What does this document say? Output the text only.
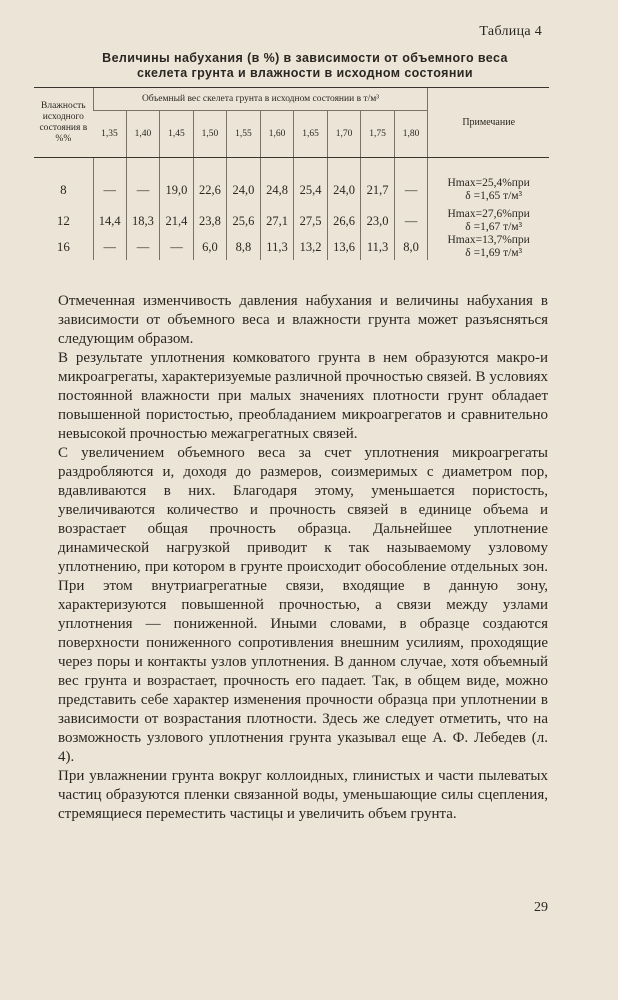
Таблица 4
Величины набухания (в %) в зависимости от объемного веса
скелета грунта и влажности в исходном состоянии
Влажность исходного состояния в %%	Объемный вес скелета грунта в исходном состоянии в т/м³										Примечание
	1,35	1,40	1,45	1,50	1,55	1,60	1,65	1,70	1,75	1,80	
8	—	—	19,0	22,6	24,0	24,8	25,4	24,0	21,7	—	Hmax=25,4%при
δ =1,65 т/м³

12	14,4	18,3	21,4	23,8	25,6	27,1	27,5	26,6	23,0	—	Hmax=27,6%при
δ =1,67 т/м³

16	—	—	—	6,0	8,8	11,3	13,2	13,6	11,3	8,0	Hmax=13,7%при
δ =1,69 т/м³

Отмеченная изменчивость давления набухания и величины набухания в зависимости от объемного веса и влажности грунта может разъясняться следующим образом.

В результате уплотнения комковатого грунта в нем образуются макро-и микроагрегаты, характеризуемые различной прочностью связей. В условиях постоянной влажности при малых значениях плотности грунт обладает повышенной пористостью, преобладанием микроагрегатов и сравнительно невысокой прочностью межагрегатных связей.

С увеличением объемного веса за счет уплотнения микроагрегаты раздробляются и, доходя до размеров, соизмеримых с диаметром пор, вдавливаются в них. Благодаря этому, уменьшается пористость, увеличиваются количество и прочность связей в единице объема и возрастает общая прочность образца. Дальнейшее уплотнение динамической нагрузкой приводит к так называемому узловому уплотнению, при котором в грунте происходит обособление отдельных зон. При этом внутриагрегатные связи, входящие в данную зону, характеризуются повышенной прочностью, а связи между узлами уплотнения — пониженной. Иными словами, в образце создаются поверхности пониженного сопротивления внешним усилиям, проходящие через поры и контакты узлов уплотнения. В данном случае, хотя объемный вес грунта и возрастает, прочность его падает. Так, в общем виде, можно представить себе характер изменения прочности образца при уплотнении в зависимости от возрастания плотности. Здесь же следует отметить, что на возможность узлового уплотнения грунта указывал еще А. Ф. Лебедев (л. 4).

При увлажнении грунта вокруг коллоидных, глинистых и части пылеватых частиц образуются пленки связанной воды, уменьшающие силы сцепления, стремящиеся переместить частицы и увеличить объем грунта.

29
